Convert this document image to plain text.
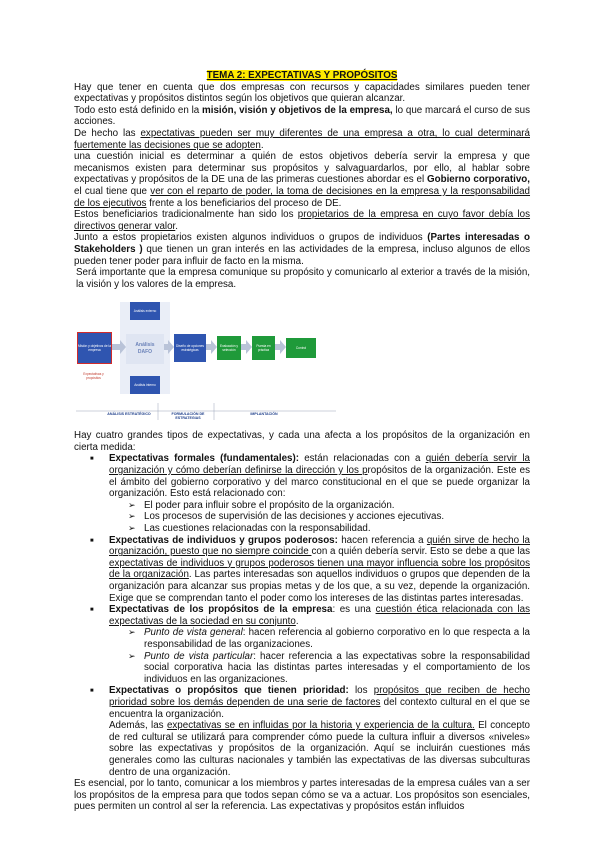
TEMA 2: EXPECTATIVAS Y PROPÓSITOS

Hay que tener en cuenta que dos empresas con recursos y capacidades similares pueden tener expectativas y propósitos distintos según los objetivos que quieran alcanzar.

Todo esto está definido en la misión, visión y objetivos de la empresa, lo que marcará el curso de sus acciones.

De hecho las expectativas pueden ser muy diferentes de una empresa a otra, lo cual determinará fuertemente las decisiones que se adopten.

una cuestión inicial es determinar a quién de estos objetivos debería servir la empresa y que mecanismos existen para determinar sus propósitos y salvaguardarlos, por ello, al hablar sobre expectativas y propósitos de la DE una de las primeras cuestiones abordar es el Gobierno corporativo, el cual tiene que ver con el reparto de poder, la toma de decisiones en la empresa y la responsabilidad de los ejecutivos frente a los beneficiarios del proceso de DE.

Estos beneficiarios tradicionalmente han sido los propietarios de la empresa en cuyo favor debía los directivos generar valor.

Junto a estos propietarios existen algunos individuos o grupos de individuos (Partes interesadas o Stakeholders ) que tienen un gran interés en las actividades de la empresa, incluso algunos de ellos pueden tener poder para influir de facto en la misma.

Será importante que la empresa comunique su propósito y comunicarlo al exterior a través de la misión, la visión y los valores de la empresa.

Misión y objetivos de la empresa
Expectativas y propósitos
Análisis externo
Análisis
DAFO
Análisis interno
Diseño de opciones estratégicas
Evaluación y selección
Puesta en práctica	Control
ANÁLISIS ESTRATÉGICO	FORMULACIÓN DE ESTRATEGIAS
IMPLANTACIÓN

Hay cuatro grandes tipos de expectativas, y cada una afecta a los propósitos de la organización en cierta medida:

■ Expectativas formales (fundamentales): están relacionadas con a quién debería servir la organización y cómo deberían definirse la dirección y los propósitos de la organización. Este es el ámbito del gobierno corporativo y del marco constitucional en el que se puede organizar la organización. Esto está relacionado con:
➢ El poder para influir sobre el propósito de la organización.
➢ Los procesos de supervisión de las decisiones y acciones ejecutivas.
➢ Las cuestiones relacionadas con la responsabilidad.
■ Expectativas de individuos y grupos poderosos: hacen referencia a quién sirve de hecho la organización, puesto que no siempre coincide con a quién debería servir. Esto se debe a que las expectativas de individuos y grupos poderosos tienen una mayor influencia sobre los propósitos de la organización. Las partes interesadas son aquellos individuos o grupos que dependen de la organización para alcanzar sus propias metas y de los que, a su vez, depende la organización. Exige que se comprendan tanto el poder como los intereses de las distintas partes interesadas.
■ Expectativas de los propósitos de la empresa: es una cuestión ética relacionada con las expectativas de la sociedad en su conjunto.
➢ Punto de vista general: hacen referencia al gobierno corporativo en lo que respecta a la responsabilidad de las organizaciones.
➢ Punto de vista particular: hacer referencia a las expectativas sobre la responsabilidad social corporativa hacia las distintas partes interesadas y el comportamiento de los individuos en las organizaciones.
■ Expectativas o propósitos que tienen prioridad: los propósitos que reciben de hecho prioridad sobre los demás dependen de una serie de factores del contexto cultural en el que se encuentra la organización.
Además, las expectativas se en influidas por la historia y experiencia de la cultura. El concepto de red cultural se utilizará para comprender cómo puede la cultura influir a diversos «niveles» sobre las expectativas y propósitos de la organización. Aquí se incluirán cuestiones más generales como las culturas nacionales y también las expectativas de las diversas subculturas dentro de una organización.

Es esencial, por lo tanto, comunicar a los miembros y partes interesadas de la empresa cuáles van a ser los propósitos de la empresa para que todos sepan cómo se va a actuar. Los propósitos son esenciales, pues permiten un control al ser la referencia. Las expectativas y propósitos están influidos
